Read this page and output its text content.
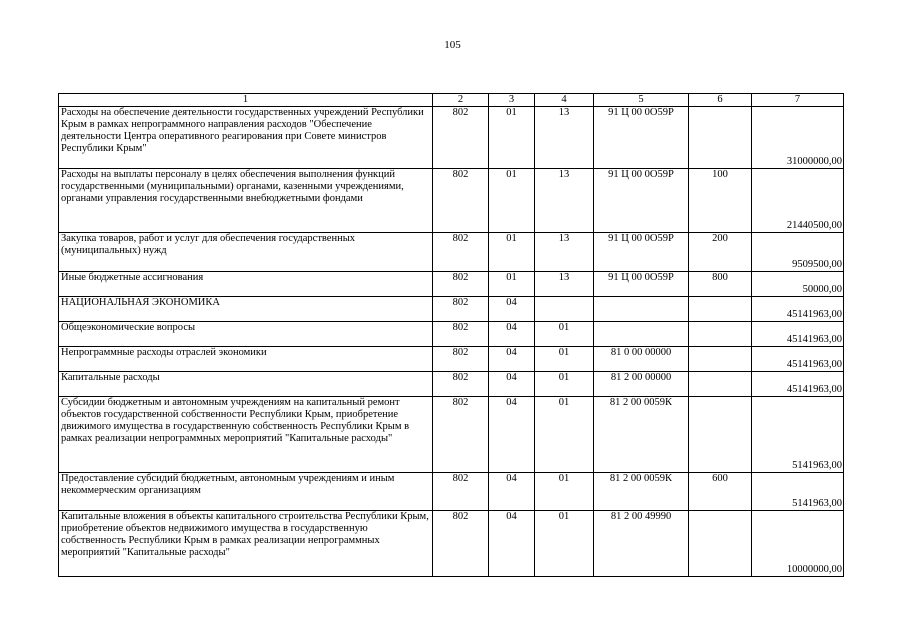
105
1	2	3	4	5	6	7
Расходы на обеспечение деятельности государственных учреждений Республики Крым в рамках непрограммного направления расходов "Обеспечение деятельности Центра оперативного реагирования при Совете министров Республики Крым"	802	01	13	91 Ц 00 0О59Р		31000000,00
Расходы на выплаты персоналу в целях обеспечения выполнения функций государственными (муниципальными) органами, казенными учреждениями, органами управления государственными внебюджетными фондами	802	01	13	91 Ц 00 0О59Р	100	21440500,00
Закупка товаров, работ и услуг для обеспечения государственных (муниципальных) нужд	802	01	13	91 Ц 00 0О59Р	200	9509500,00
Иные бюджетные ассигнования	802	01	13	91 Ц 00 0О59Р	800	50000,00
НАЦИОНАЛЬНАЯ ЭКОНОМИКА	802	04				45141963,00
Общеэкономические вопросы	802	04	01			45141963,00
Непрограммные расходы отраслей экономики	802	04	01	81 0 00 00000		45141963,00
Капитальные расходы	802	04	01	81 2 00 00000		45141963,00
Субсидии бюджетным и автономным учреждениям на капитальный ремонт объектов государственной собственности Республики Крым, приобретение движимого имущества в государственную собственность Республики Крым в рамках реализации непрограммных мероприятий "Капитальные расходы"	802	04	01	81 2 00 0059К		5141963,00
Предоставление субсидий бюджетным, автономным учреждениям и иным некоммерческим организациям	802	04	01	81 2 00 0059К	600	5141963,00
Капитальные вложения в объекты капитального строительства Республики Крым, приобретение объектов недвижимого имущества в государственную собственность Республики Крым в рамках реализации непрограммных мероприятий "Капитальные расходы"	802	04	01	81 2 00 49990		10000000,00
